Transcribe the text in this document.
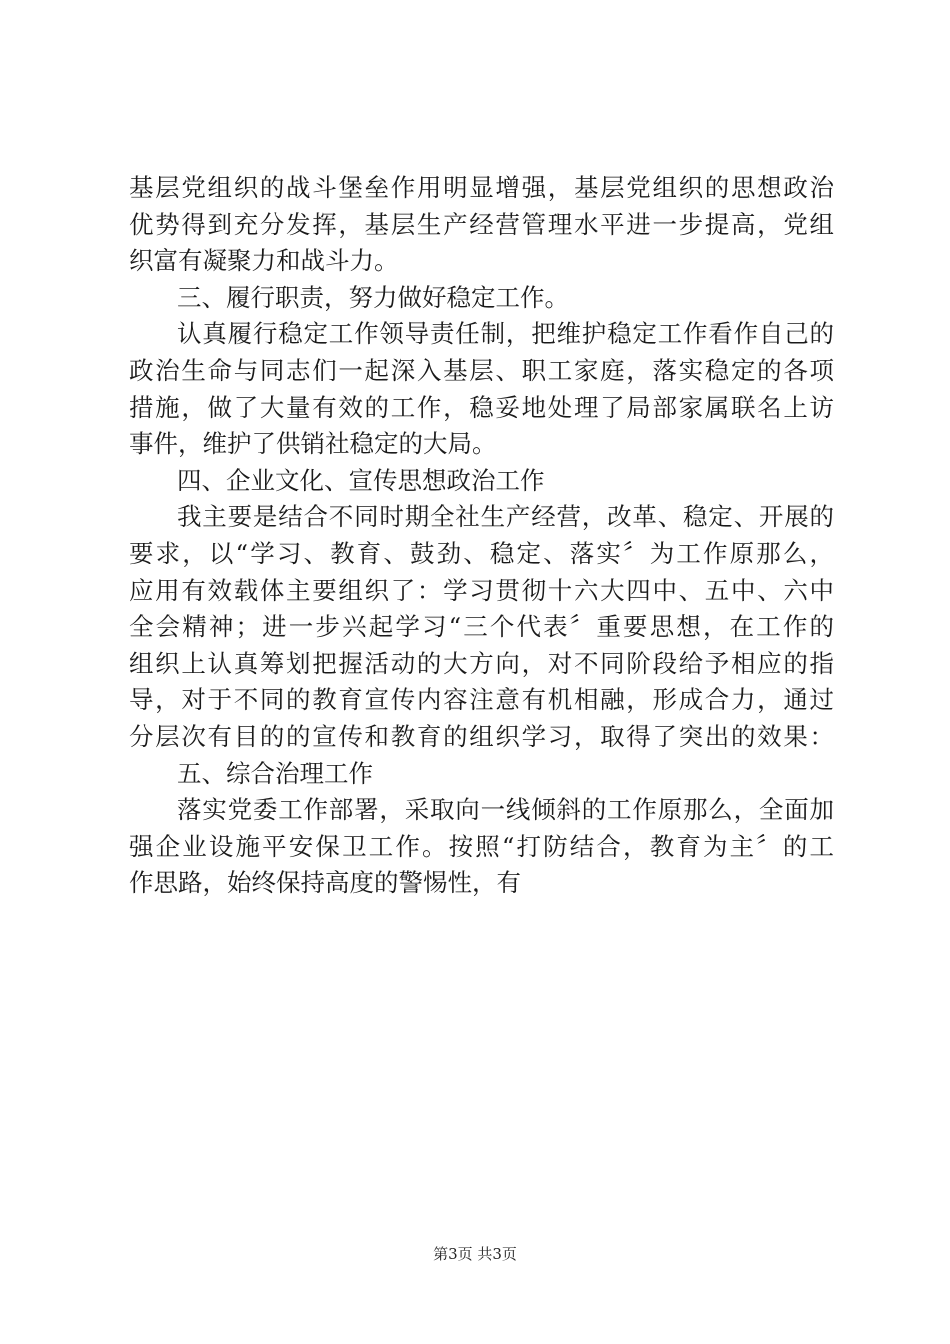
基层党组织的战斗堡垒作用明显增强，基层党组织的思想政治
优势得到充分发挥，基层生产经营管理水平进一步提高，党组
织富有凝聚力和战斗力。
三、履行职责，努力做好稳定工作。
认真履行稳定工作领导责任制，把维护稳定工作看作自己的
政治生命与同志们一起深入基层、职工家庭，落实稳定的各项
措施，做了大量有效的工作，稳妥地处理了局部家属联名上访
事件，维护了供销社稳定的大局。
四、企业文化、宣传思想政治工作
我主要是结合不同时期全社生产经营，改革、稳定、开展的
要求，以“学习、教育、鼓劲、稳定、落实〞为工作原那么，
应用有效载体主要组织了：学习贯彻十六大四中、五中、六中
全会精神；进一步兴起学习“三个代表〞重要思想，在工作的
组织上认真筹划把握活动的大方向，对不同阶段给予相应的指
导，对于不同的教育宣传内容注意有机相融，形成合力，通过
分层次有目的的宣传和教育的组织学习，取得了突出的效果：
五、综合治理工作
落实党委工作部署，采取向一线倾斜的工作原那么，全面加
强企业设施平安保卫工作。按照“打防结合，教育为主〞的工
作思路，始终保持高度的警惕性，有
第3页 共3页
